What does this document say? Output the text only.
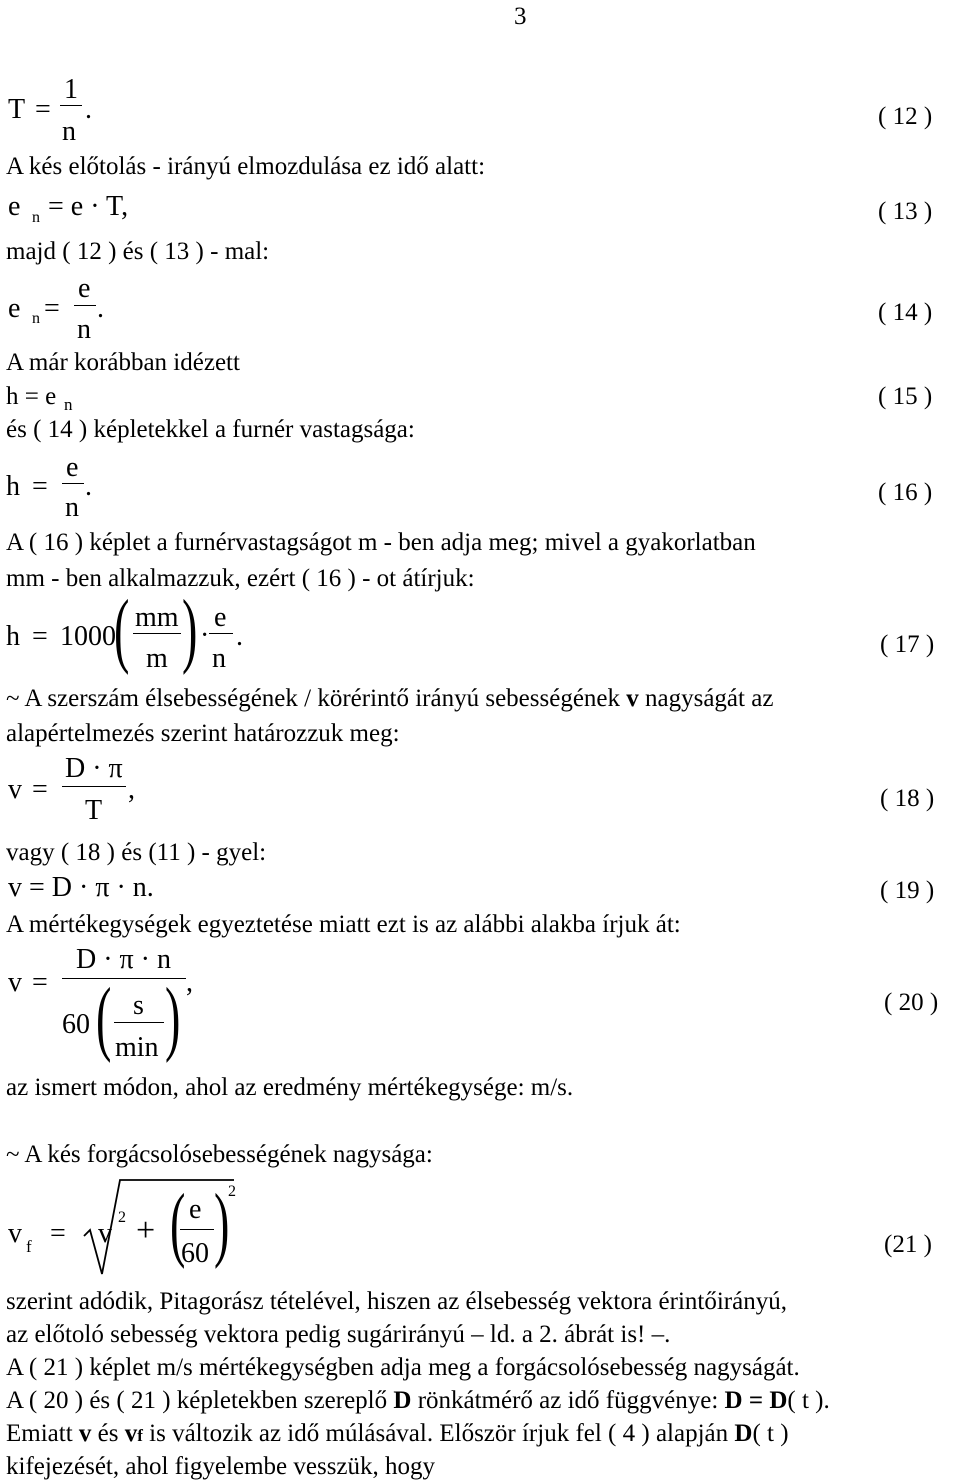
3
T =
1
n
.	( 12 )
A kés előtolás - irányú elmozdulása ez idő alatt:
e n = e · T,	( 13 )
majd ( 12 ) és ( 13 ) - mal:
e n =
e
n
.	( 14 )
A már korábban idézett
h = e n	( 15 )
és ( 14 ) képletekkel a furnér vastagsága:
h =
e
n
.	( 16 )
A ( 16 ) képlet a furnérvastagságot m - ben adja meg; mivel a gyakorlatban
mm - ben alkalmazzuk, ezért ( 16 ) - ot átírjuk:
h = 1000
( mm
m ) ·
e
n
.	( 17 )
~ A szerszám élsebességének / körérintő irányú sebességének v nagyságát az
alapértelmezés szerint határozzuk meg:
v =
D · π
T
,	( 18 )
vagy ( 18 ) és (11 ) - gyel:
v = D · π · n.	( 19 )
A mértékegységek egyeztetése miatt ezt is az alábbi alakba írjuk át:
v =
D · π · n
60 ( s
min ) ,
( 20 )
az ismert módon, ahol az eredmény mértékegysége: m/s.
~ A kés forgácsolósebességének nagysága:
v f = v
2 + ( e
60 )
2
(21 )
szerint adódik, Pitagorász tételével, hiszen az élsebesség vektora érintőirányú,
az előtoló sebesség vektora pedig sugárirányú – ld. a 2. ábrát is! –.
A ( 21 ) képlet m/s mértékegységben adja meg a forgácsolósebesség nagyságát.
A ( 20 ) és ( 21 ) képletekben szereplő D rönkátmérő az idő függvénye: D = D( t ).
Emiatt v és vf is változik az idő múlásával. Először írjuk fel ( 4 ) alapján D( t )
kifejezését, ahol figyelembe vesszük, hogy
